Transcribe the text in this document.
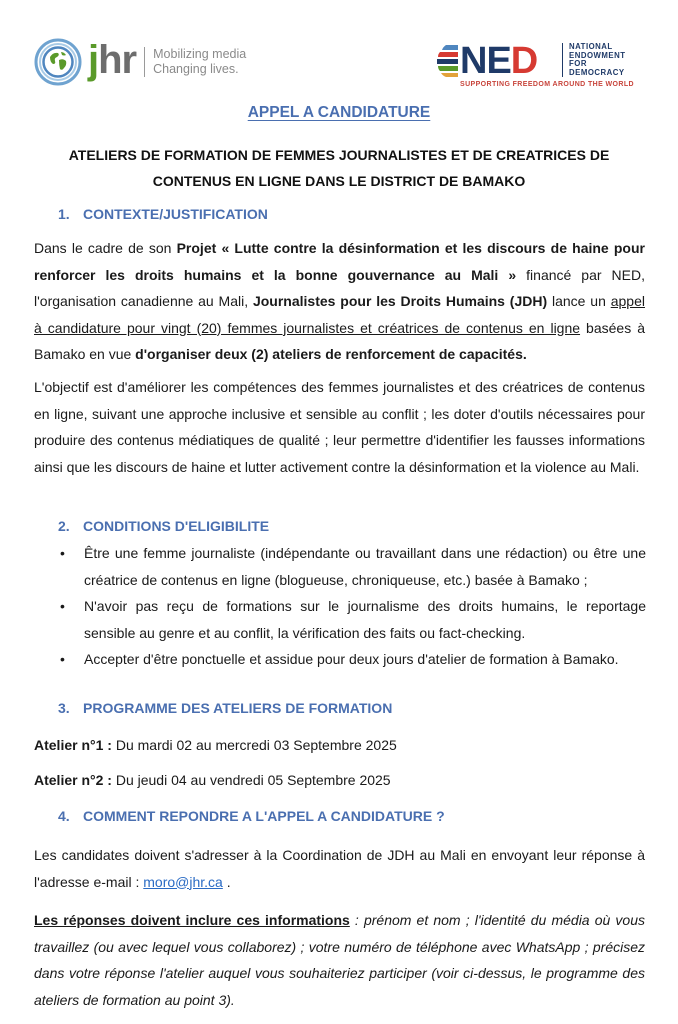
jhr Mobilizing media
Changing lives.	NED	NATIONAL
ENDOWMENT
FOR
DEMOCRACY
SUPPORTING FREEDOM AROUND THE WORLD
APPEL A CANDIDATURE
ATELIERS DE FORMATION DE FEMMES JOURNALISTES ET DE CREATRICES DE
CONTENUS EN LIGNE DANS LE DISTRICT DE BAMAKO
1. CONTEXTE/JUSTIFICATION
Dans le cadre de son Projet « Lutte contre la désinformation et les discours de haine pour renforcer les droits humains et la bonne gouvernance au Mali » financé par NED, l'organisation canadienne au Mali, Journalistes pour les Droits Humains (JDH) lance un appel à candidature pour vingt (20) femmes journalistes et créatrices de contenus en ligne basées à Bamako en vue d'organiser deux (2) ateliers de renforcement de capacités.
L'objectif est d'améliorer les compétences des femmes journalistes et des créatrices de contenus en ligne, suivant une approche inclusive et sensible au conflit ; les doter d'outils nécessaires pour produire des contenus médiatiques de qualité ; leur permettre d'identifier les fausses informations ainsi que les discours de haine et lutter activement contre la désinformation et la violence au Mali.
2. CONDITIONS D'ELIGIBILITE
• Être une femme journaliste (indépendante ou travaillant dans une rédaction) ou être une créatrice de contenus en ligne (blogueuse, chroniqueuse, etc.) basée à Bamako ;
• N'avoir pas reçu de formations sur le journalisme des droits humains, le reportage sensible au genre et au conflit, la vérification des faits ou fact-checking.
• Accepter d'être ponctuelle et assidue pour deux jours d'atelier de formation à Bamako.
3. PROGRAMME DES ATELIERS DE FORMATION
Atelier n°1 : Du mardi 02 au mercredi 03 Septembre 2025
Atelier n°2 : Du jeudi 04 au vendredi 05 Septembre 2025
4. COMMENT REPONDRE A L'APPEL A CANDIDATURE ?
Les candidates doivent s'adresser à la Coordination de JDH au Mali en envoyant leur réponse à l'adresse e-mail : moro@jhr.ca .
Les réponses doivent inclure ces informations : prénom et nom ; l'identité du média où vous travaillez (ou avec lequel vous collaborez) ; votre numéro de téléphone avec WhatsApp ; précisez dans votre réponse l'atelier auquel vous souhaiteriez participer (voir ci-dessus, le programme des ateliers de formation au point 3).
